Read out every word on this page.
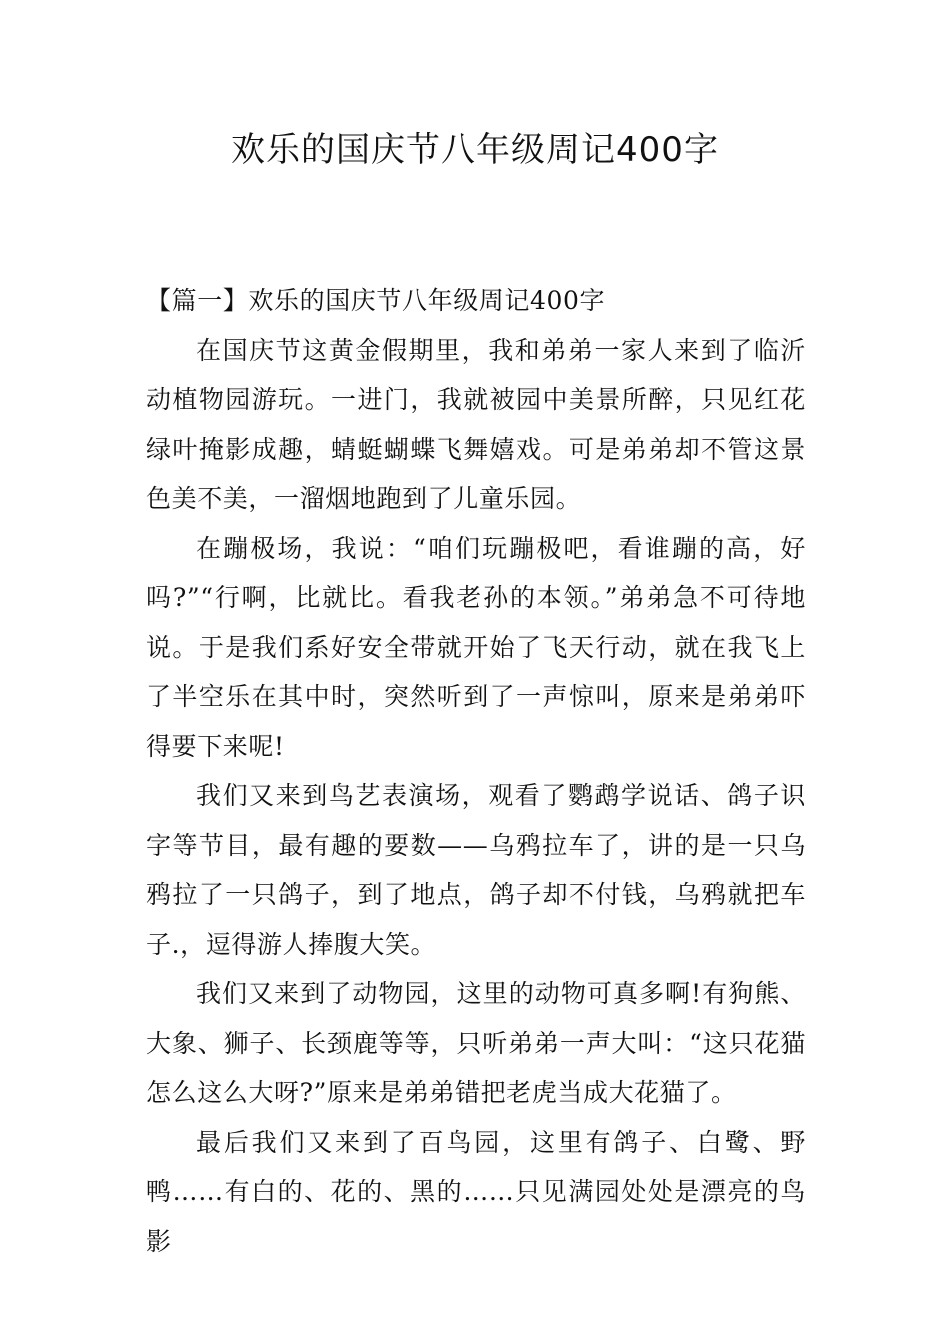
欢乐的国庆节八年级周记400字
【篇一】欢乐的国庆节八年级周记400字

在国庆节这黄金假期里，我和弟弟一家人来到了临沂动植物园游玩。一进门，我就被园中美景所醉，只见红花绿叶掩影成趣，蜻蜓蝴蝶飞舞嬉戏。可是弟弟却不管这景色美不美，一溜烟地跑到了儿童乐园。

在蹦极场，我说：“咱们玩蹦极吧，看谁蹦的高，好吗?”“行啊，比就比。看我老孙的本领。”弟弟急不可待地说。于是我们系好安全带就开始了飞天行动，就在我飞上了半空乐在其中时，突然听到了一声惊叫，原来是弟弟吓得要下来呢!

我们又来到鸟艺表演场，观看了鹦鹉学说话、鸽子识字等节目，最有趣的要数——乌鸦拉车了，讲的是一只乌鸦拉了一只鸽子，到了地点，鸽子却不付钱，乌鸦就把车子.，逗得游人捧腹大笑。

我们又来到了动物园，这里的动物可真多啊!有狗熊、大象、狮子、长颈鹿等等，只听弟弟一声大叫：“这只花猫怎么这么大呀?”原来是弟弟错把老虎当成大花猫了。

最后我们又来到了百鸟园，这里有鸽子、白鹭、野鸭……有白的、花的、黑的……只见满园处处是漂亮的鸟影
